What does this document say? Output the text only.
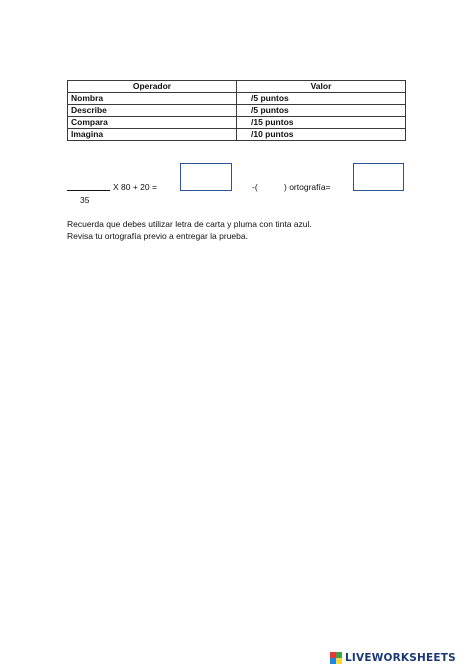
Operador	Valor
Nombra	/5 puntos
Describe	/5 puntos
Compara	/15 puntos
Imagina	/10 puntos
35
X 80 + 20 =	-(	) ortografía=
Recuerda que debes utilizar letra de carta y pluma con tinta azul.
Revisa tu ortografía previo a entregar la prueba.
LIVEWORKSHEETS
